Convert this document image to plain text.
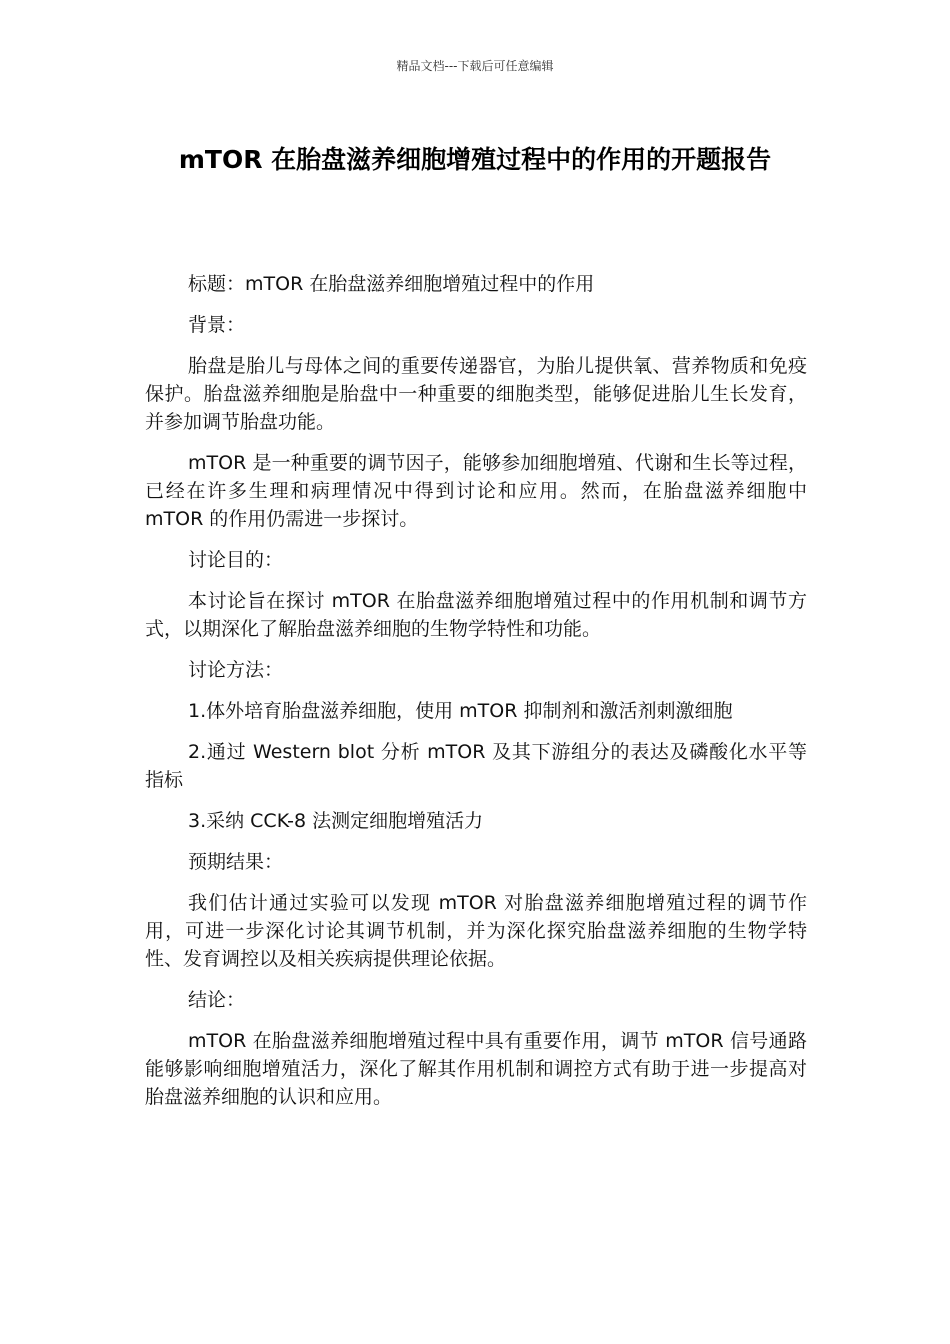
精品文档---下载后可任意编辑
mTOR 在胎盘滋养细胞增殖过程中的作用的开题报告

标题：mTOR 在胎盘滋养细胞增殖过程中的作用

背景：

胎盘是胎儿与母体之间的重要传递器官，为胎儿提供氧、营养物质和免疫保护。胎盘滋养细胞是胎盘中一种重要的细胞类型，能够促进胎儿生长发育，并参加调节胎盘功能。

mTOR 是一种重要的调节因子，能够参加细胞增殖、代谢和生长等过程，已经在许多生理和病理情况中得到讨论和应用。然而，在胎盘滋养细胞中 mTOR 的作用仍需进一步探讨。

讨论目的：

本讨论旨在探讨 mTOR 在胎盘滋养细胞增殖过程中的作用机制和调节方式，以期深化了解胎盘滋养细胞的生物学特性和功能。

讨论方法：

1.体外培育胎盘滋养细胞，使用 mTOR 抑制剂和激活剂刺激细胞

2.通过 Western blot 分析 mTOR 及其下游组分的表达及磷酸化水平等指标

3.采纳 CCK-8 法测定细胞增殖活力

预期结果：

我们估计通过实验可以发现 mTOR 对胎盘滋养细胞增殖过程的调节作用，可进一步深化讨论其调节机制，并为深化探究胎盘滋养细胞的生物学特性、发育调控以及相关疾病提供理论依据。

结论：

mTOR 在胎盘滋养细胞增殖过程中具有重要作用，调节 mTOR 信号通路能够影响细胞增殖活力，深化了解其作用机制和调控方式有助于进一步提高对胎盘滋养细胞的认识和应用。
